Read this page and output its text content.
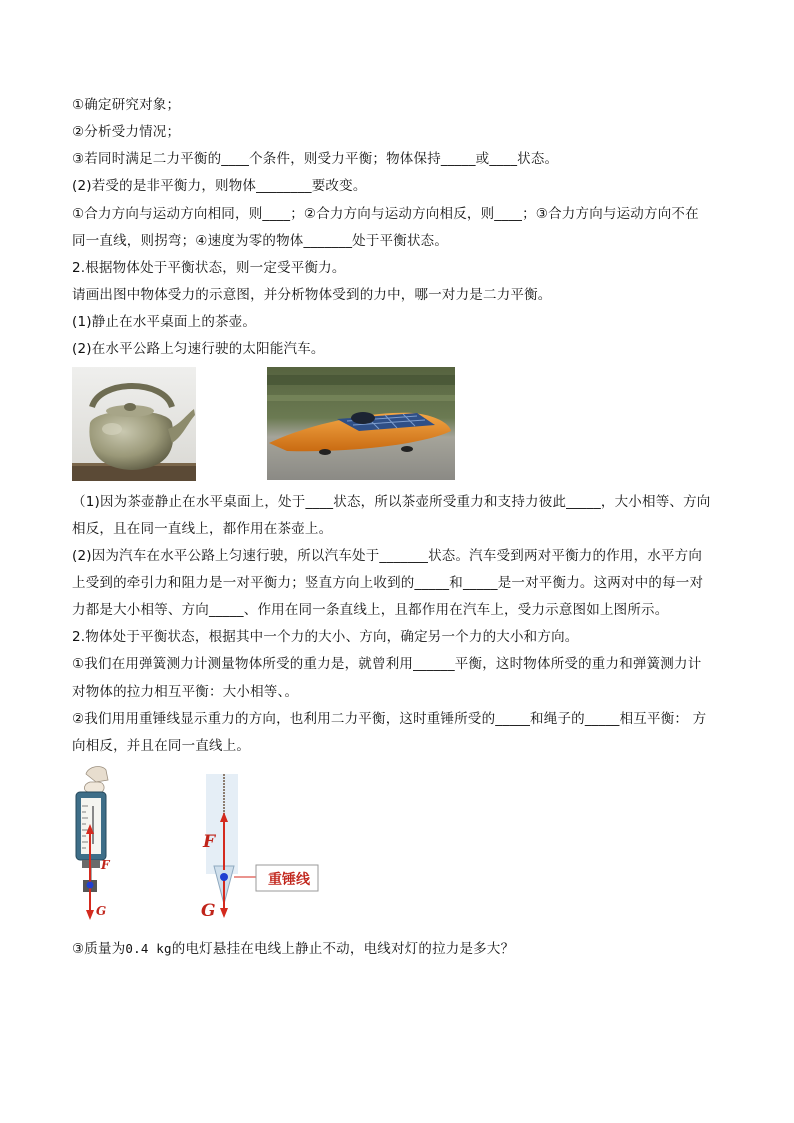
①确定研究对象；
②分析受力情况；
③若同时满足二力平衡的____个条件，则受力平衡；物体保持_____或____状态。
(2)若受的是非平衡力，则物体________要改变。
①合力方向与运动方向相同，则____；②合力方向与运动方向相反，则____；③合力方向与运动方向不在
同一直线，则拐弯；④速度为零的物体_______处于平衡状态。
2.根据物体处于平衡状态，则一定受平衡力。
请画出图中物体受力的示意图，并分析物体受到的力中，哪一对力是二力平衡。
(1)静止在水平桌面上的茶壶。
(2)在水平公路上匀速行驶的太阳能汽车。
（1)因为茶壶静止在水平桌面上，处于____状态，所以茶壶所受重力和支持力彼此_____，大小相等、方向
相反，且在同一直线上，都作用在茶壶上。
(2)因为汽车在水平公路上匀速行驶，所以汽车处于_______状态。汽车受到两对平衡力的作用，水平方向
上受到的牵引力和阻力是一对平衡力；竖直方向上收到的_____和_____是一对平衡力。这两对中的每一对
力都是大小相等、方向_____、作用在同一条直线上，且都作用在汽车上，受力示意图如上图所示。
2.物体处于平衡状态，根据其中一个力的大小、方向，确定另一个力的大小和方向。
①我们在用弹簧测力计测量物体所受的重力是，就曾利用______平衡，这时物体所受的重力和弹簧测力计
对物体的拉力相互平衡：大小相等、。
②我们用用重锤线显示重力的方向，也利用二力平衡，这时重锤所受的_____和绳子的_____相互平衡： 方
向相反，并且在同一直线上。
F
G
F
G
重锤线
③质量为0.4 kg的电灯悬挂在电线上静止不动，电线对灯的拉力是多大？
